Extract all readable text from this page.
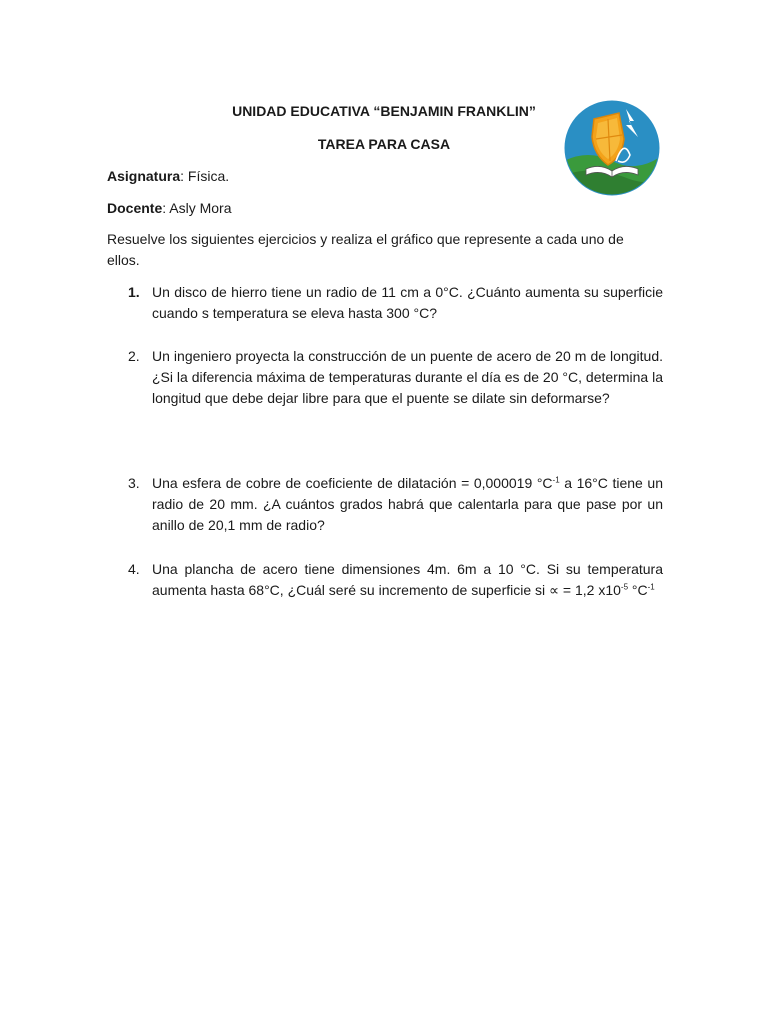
UNIDAD EDUCATIVA “BENJAMIN FRANKLIN”
TAREA PARA CASA
Asignatura: Física.
Docente: Asly Mora
Resuelve los siguientes ejercicios y realiza el gráfico que represente a cada uno de ellos.
1. Un disco de hierro tiene un radio de 11 cm a 0°C. ¿Cuánto aumenta su superficie cuando s temperatura se eleva hasta 300 °C?
2. Un ingeniero proyecta la construcción de un puente de acero de 20 m de longitud. ¿Si la diferencia máxima de temperaturas durante el día es de 20 °C, determina la longitud que debe dejar libre para que el puente se dilate sin deformarse?
3. Una esfera de cobre de coeficiente de dilatación = 0,000019 $^\circ C^{-1}$ a 16°C tiene un radio de 20 mm. ¿A cuántos grados habrá que calentarla para que pase por un anillo de 20,1 mm de radio?
4. Una plancha de acero tiene dimensiones 4m. 6m a 10 °C. Si su temperatura aumenta hasta 68°C, ¿Cuál seré su incremento de superficie si ∝ = 1,2 $x10^{-5}$ $^\circ C^{-1}$
